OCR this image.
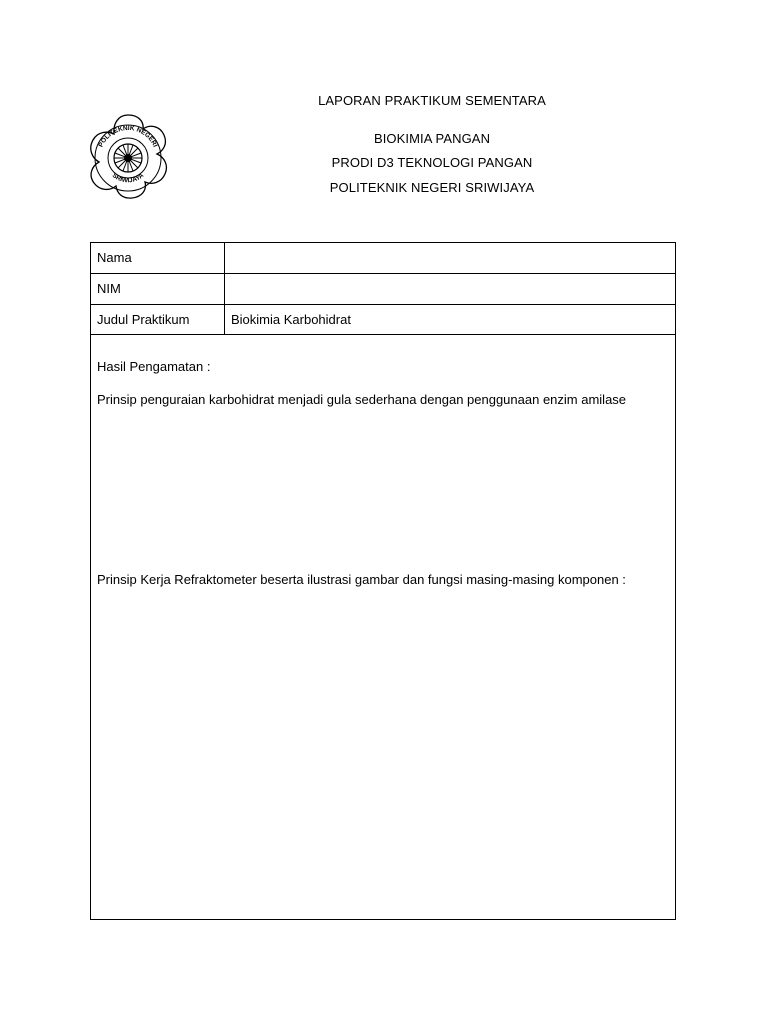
POLITEKNIK NEGERI
SRIWIJAYA
LAPORAN PRAKTIKUM SEMENTARA
BIOKIMIA PANGAN
PRODI D3 TEKNOLOGI PANGAN
POLITEKNIK NEGERI SRIWIJAYA
Nama
NIM
Judul Praktikum	Biokimia Karbohidrat
Hasil Pengamatan :
Prinsip penguraian karbohidrat menjadi gula sederhana dengan penggunaan enzim amilase
Prinsip Kerja Refraktometer beserta ilustrasi gambar dan fungsi masing-masing komponen :
